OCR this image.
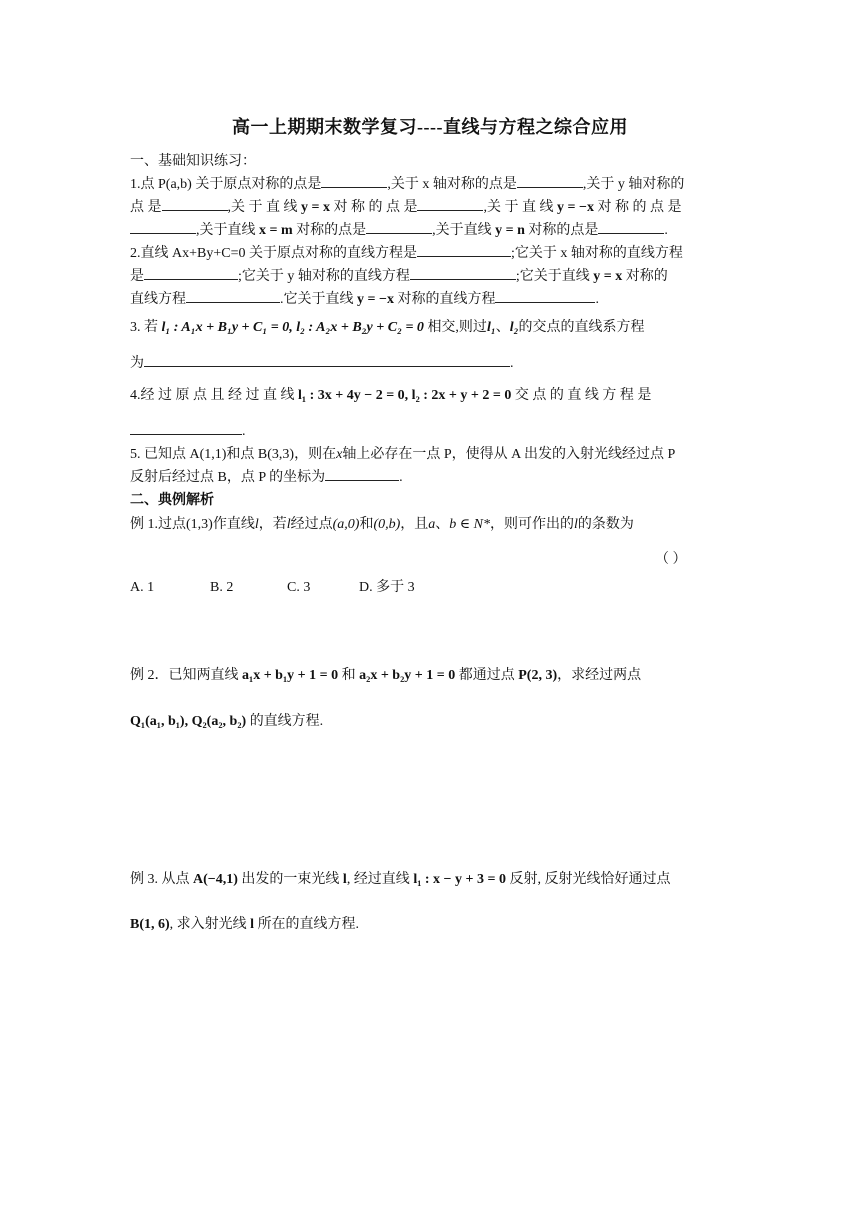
高一上期期末数学复习----直线与方程之综合应用
一、基础知识练习：
1.点 P(a,b) 关于原点对称的点是	,关于 x 轴对称的点是	,关于 y 轴对称的
点 是	,关 于 直 线 y = x 对 称 的 点 是	,关 于 直 线 y = −x 对 称 的 点 是
,关于直线 x = m 对称的点是	,关于直线 y = n 对称的点是	.
2.直线 Ax+By+C=0 关于原点对称的直线方程是	;它关于 x 轴对称的直线方程
是	;它关于 y 轴对称的直线方程	;它关于直线 y = x 对称的
直线方程	.它关于直线 y = −x 对称的直线方程	.
3. 若 l₁ : A₁x + B₁y + C₁ = 0, l₂ : A₂x + B₂y + C₂ = 0 相交,则过l₁、l₂的交点的直线系方程
为	.
4.经 过 原 点 且 经 过 直 线 l₁ : 3x + 4y − 2 = 0, l₂ : 2x + y + 2 = 0 交 点 的 直 线 方 程 是
.
5. 已知点 A(1,1)和点 B(3,3)，则在x轴上必存在一点 P，使得从 A 出发的入射光线经过点 P
反射后经过点 B，点 P 的坐标为	.
二、典例解析
例 1.过点(1,3)作直线l，若l经过点(a,0)和(0,b)，且a、b ∈ N*，则可作出的l的条数为
（ ）
A. 1	B. 2	C. 3	D. 多于 3
例 2．已知两直线 a₁x + b₁y + 1 = 0 和 a₂x + b₂y + 1 = 0 都通过点 P(2, 3)，求经过两点
Q₁(a₁, b₁), Q₂(a₂, b₂) 的直线方程.
例 3. 从点 A(−4,1) 出发的一束光线 l, 经过直线 l₁ : x − y + 3 = 0 反射, 反射光线恰好通过点
B(1, 6), 求入射光线 l 所在的直线方程.
